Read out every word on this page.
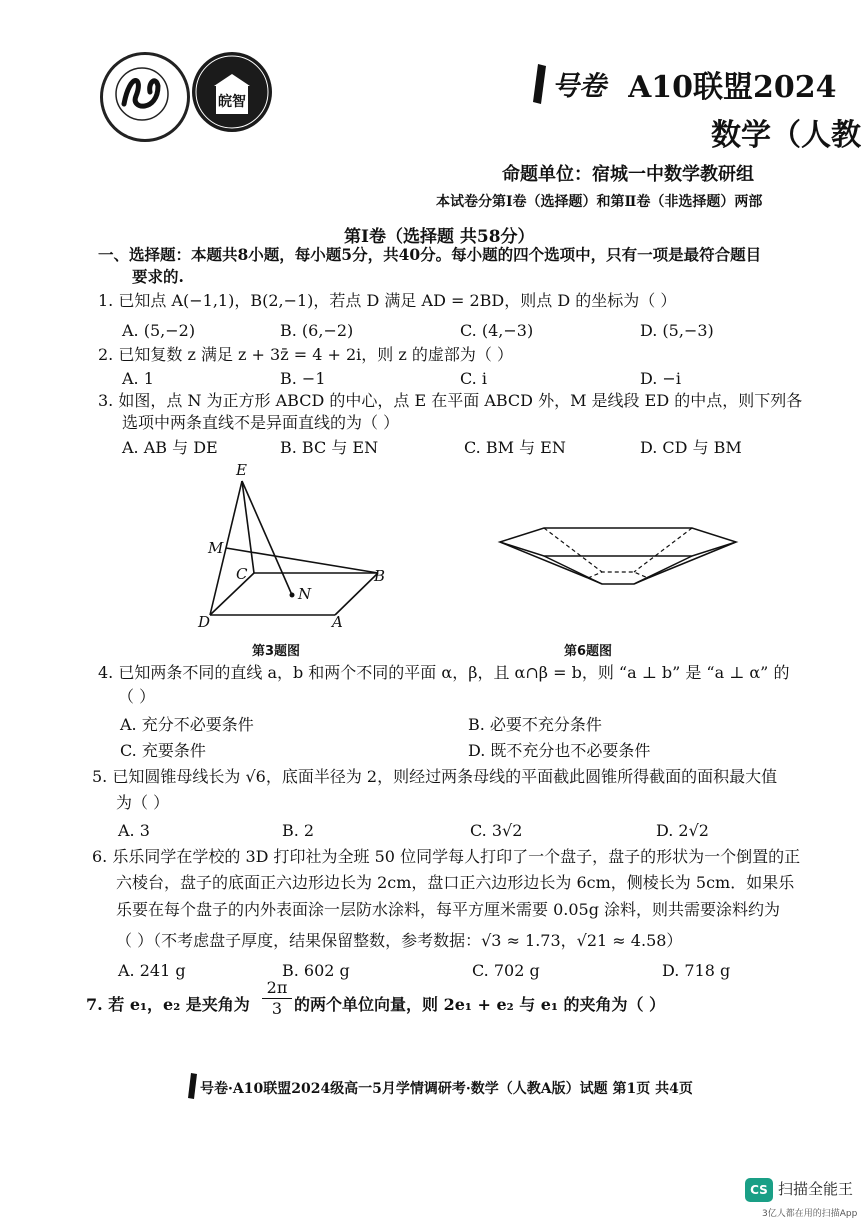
皖智	号卷 A10联盟2024
数学（人教
命题单位：宿城一中数学教研组
本试卷分第Ⅰ卷（选择题）和第Ⅱ卷（非选择题）两部
第Ⅰ卷（选择题 共58分）
一、选择题：本题共8小题，每小题5分，共40分。每小题的四个选项中，只有一项是最符合题目
要求的.
1. 已知点 A(−1,1)，B(2,−1)，若点 D 满足 AD = 2BD，则点 D 的坐标为（ ）
A. (5,−2)	B. (6,−2)	C. (4,−3)	D. (5,−3)
2. 已知复数 z 满足 z + 3z̄ = 4 + 2i，则 z 的虚部为（ ）
A. 1	B. −1	C. i	D. −i
3. 如图，点 N 为正方形 ABCD 的中心，点 E 在平面 ABCD 外，M 是线段 ED 的中点，则下列各
选项中两条直线不是异面直线的为（ ）
A. AB 与 DE	B. BC 与 EN	C. BM 与 EN	D. CD 与 BM
E
M
C	B
N
D	A
第3题图	第6题图
4. 已知两条不同的直线 a，b 和两个不同的平面 α，β，且 α∩β = b，则 “a ⊥ b” 是 “a ⊥ α” 的
（ ）
A. 充分不必要条件	B. 必要不充分条件
C. 充要条件	D. 既不充分也不必要条件
5. 已知圆锥母线长为 √6，底面半径为 2，则经过两条母线的平面截此圆锥所得截面的面积最大值
为（ ）
A. 3	B. 2	C. 3√2	D. 2√2
6. 乐乐同学在学校的 3D 打印社为全班 50 位同学每人打印了一个盘子，盘子的形状为一个倒置的正
六棱台，盘子的底面正六边形边长为 2cm，盘口正六边形边长为 6cm，侧棱长为 5cm．如果乐
乐要在每个盘子的内外表面涂一层防水涂料，每平方厘米需要 0.05g 涂料，则共需要涂料约为
（ ）（不考虑盘子厚度，结果保留整数，参考数据：√3 ≈ 1.73，√21 ≈ 4.58）
A. 241 g	B. 602 g	C. 702 g	D. 718 g
7. 若 e₁，e₂ 是夹角为 $\frac{2\pi}{3}$ 的两个单位向量，则 2e₁ + e₂ 与 e₁ 的夹角为（ ）
号卷·A10联盟2024级高一5月学情调研考·数学（人教A版）试题 第1页 共4页
CS 扫描全能王
3亿人都在用的扫描App
